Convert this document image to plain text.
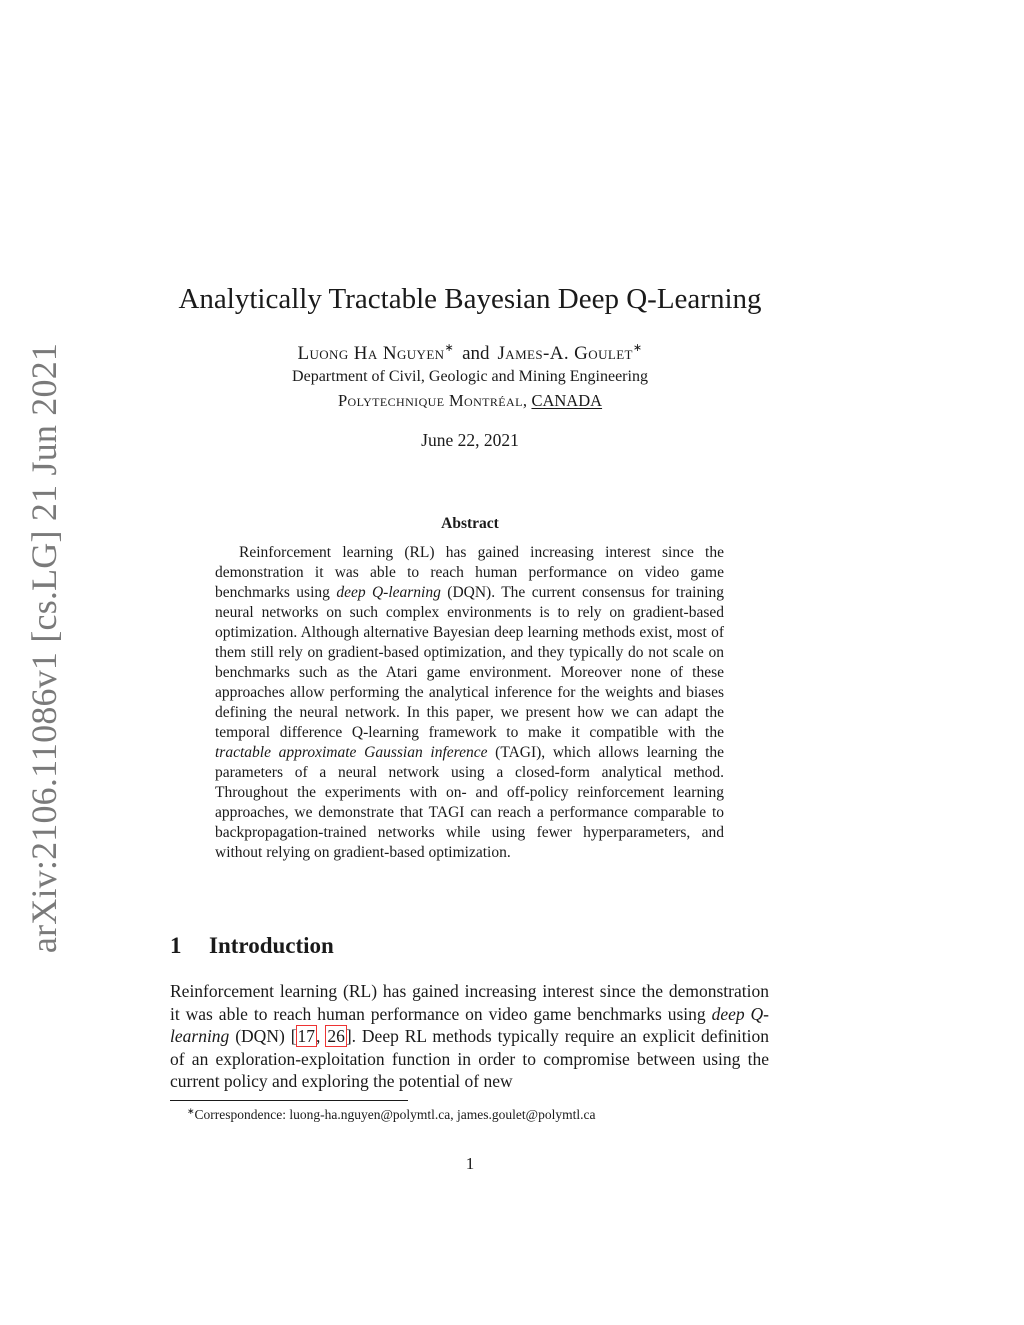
arXiv:2106.11086v1 [cs.LG] 21 Jun 2021
Analytically Tractable Bayesian Deep Q-Learning
Luong Ha Nguyen∗ and James-A. Goulet∗
Department of Civil, Geologic and Mining Engineering
Polytechnique Montréal, CANADA
June 22, 2021
Abstract
Reinforcement learning (RL) has gained increasing interest since the demonstration it was able to reach human performance on video game benchmarks using deep Q-learning (DQN). The current consensus for training neural networks on such complex environments is to rely on gradient-based optimization. Although alternative Bayesian deep learning methods exist, most of them still rely on gradient-based optimization, and they typically do not scale on benchmarks such as the Atari game environment. Moreover none of these approaches allow performing the analytical inference for the weights and biases defining the neural network. In this paper, we present how we can adapt the temporal difference Q-learning framework to make it compatible with the tractable approximate Gaussian inference (TAGI), which allows learning the parameters of a neural network using a closed-form analytical method. Throughout the experiments with on- and off-policy reinforcement learning approaches, we demonstrate that TAGI can reach a performance comparable to backpropagation-trained networks while using fewer hyperparameters, and without relying on gradient-based optimization.
1 Introduction
Reinforcement learning (RL) has gained increasing interest since the demonstration it was able to reach human performance on video game benchmarks using deep Q-learning (DQN) [17, 26]. Deep RL methods typically require an explicit definition of an exploration-exploitation function in order to compromise between using the current policy and exploring the potential of new
∗Correspondence: luong-ha.nguyen@polymtl.ca, james.goulet@polymtl.ca
1
